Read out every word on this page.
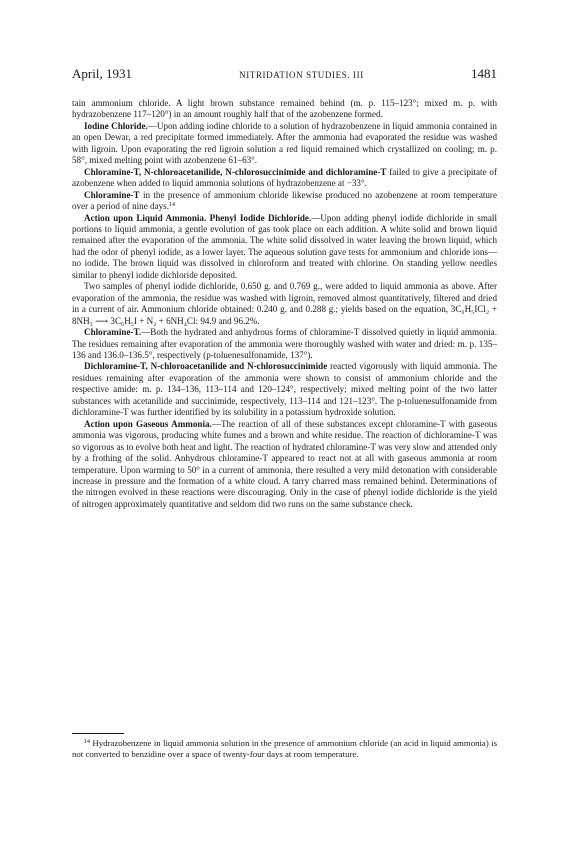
April, 1931	NITRIDATION STUDIES. III	1481

tain ammonium chloride. A light brown substance remained behind (m. p. 115–123°; mixed m. p. with hydrazobenzene 117–120°) in an amount roughly half that of the azobenzene formed.

Iodine Chloride.—Upon adding iodine chloride to a solution of hydrazobenzene in liquid ammonia contained in an open Dewar, a red precipitate formed immediately. After the ammonia had evaporated the residue was washed with ligroin. Upon evaporating the red ligroin solution a red liquid remained which crystallized on cooling; m. p. 58°, mixed melting point with azobenzene 61–63°.

Chloramine-T, N-chloroacetanilide, N-chlorosuccinimide and dichloramine-T failed to give a precipitate of azobenzene when added to liquid ammonia solutions of hydrazobenzene at −33°.

Chloramine-T in the presence of ammonium chloride likewise produced no azobenzene at room temperature over a period of nine days.$^{14}$

Action upon Liquid Ammonia. Phenyl Iodide Dichloride.—Upon adding phenyl iodide dichloride in small portions to liquid ammonia, a gentle evolution of gas took place on each addition. A white solid and brown liquid remained after the evaporation of the ammonia. The white solid dissolved in water leaving the brown liquid, which had the odor of phenyl iodide, as a lower layer. The aqueous solution gave tests for ammonium and chloride ions—no iodide. The brown liquid was dissolved in chloroform and treated with chlorine. On standing yellow needles similar to phenyl iodide dichloride deposited.

Two samples of phenyl iodide dichloride, 0.650 g. and 0.769 g., were added to liquid ammonia as above. After evaporation of the ammonia, the residue was washed with ligroin, removed almost quantitatively, filtered and dried in a current of air. Ammonium chloride obtained: 0.240 g. and 0.288 g.; yields based on the equation, 3C₆H₅ICl₂ + 8NH₃ ⟶ 3C₆H₅I + N₂ + 6NH₄Cl: 94.9 and 96.2%.

Chloramine-T.—Both the hydrated and anhydrous forms of chloramine-T dissolved quietly in liquid ammonia. The residues remaining after evaporation of the ammonia were thoroughly washed with water and dried: m. p. 135–136 and 136.0–136.5°, respectively (p-toluenesulfonamide, 137°).

Dichloramine-T, N-chloroacetanilide and N-chlorosuccinimide reacted vigorously with liquid ammonia. The residues remaining after evaporation of the ammonia were shown to consist of ammonium chloride and the respective amide: m. p. 134–136, 113–114 and 120–124°, respectively; mixed melting point of the two latter substances with acetanilide and succinimide, respectively, 113–114 and 121–123°. The p-toluenesulfonamide from dichloramine-T was further identified by its solubility in a potassium hydroxide solution.

Action upon Gaseous Ammonia.—The reaction of all of these substances except chloramine-T with gaseous ammonia was vigorous, producing white fumes and a brown and white residue. The reaction of dichloramine-T was so vigorous as to evolve both heat and light. The reaction of hydrated chloramine-T was very slow and attended only by a frothing of the solid. Anhydrous chloramine-T appeared to react not at all with gaseous ammonia at room temperature. Upon warming to 50° in a current of ammonia, there resulted a very mild detonation with considerable increase in pressure and the formation of a white cloud. A tarry charred mass remained behind. Determinations of the nitrogen evolved in these reactions were discouraging. Only in the case of phenyl iodide dichloride is the yield of nitrogen approximately quantitative and seldom did two runs on the same substance check.

$^{14}$ Hydrazobenzene in liquid ammonia solution in the presence of ammonium chloride (an acid in liquid ammonia) is not converted to benzidine over a space of twenty-four days at room temperature.
